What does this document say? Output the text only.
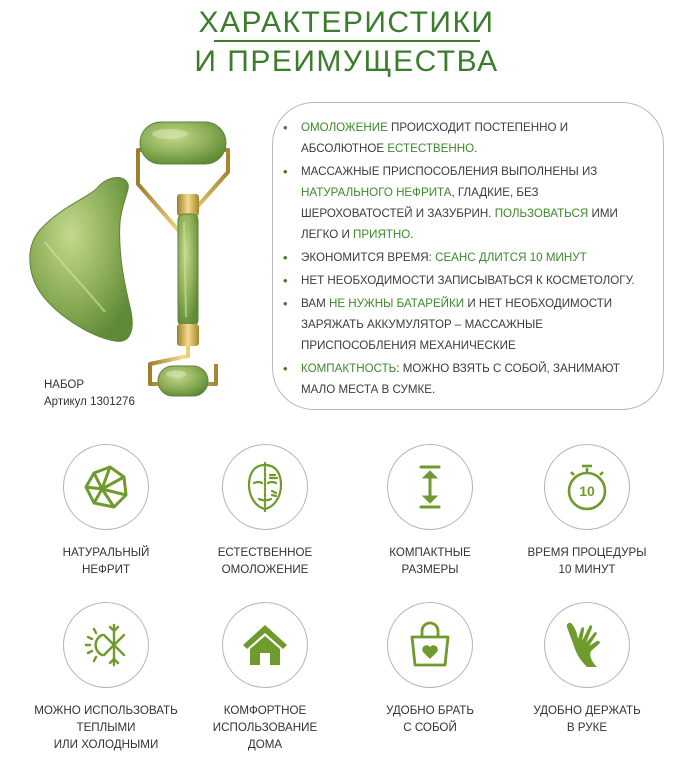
ХАРАКТЕРИСТИКИ
И ПРЕИМУЩЕСТВА
НАБОР
Артикул 1301276
• ОМОЛОЖЕНИЕ ПРОИСХОДИТ ПОСТЕПЕННО И АБСОЛЮТНОЕ ЕСТЕСТВЕННО.
• МАССАЖНЫЕ ПРИСПОСОБЛЕНИЯ ВЫПОЛНЕНЫ ИЗ НАТУРАЛЬНОГО НЕФРИТА, ГЛАДКИЕ, БЕЗ ШЕРОХОВАТОСТЕЙ И ЗАЗУБРИН. ПОЛЬЗОВАТЬСЯ ИМИ ЛЕГКО И ПРИЯТНО.
• ЭКОНОМИТСЯ ВРЕМЯ: СЕАНС ДЛИТСЯ 10 МИНУТ
• НЕТ НЕОБХОДИМОСТИ ЗАПИСЫВАТЬСЯ К КОСМЕТОЛОГУ.
• ВАМ НЕ НУЖНЫ БАТАРЕЙКИ И НЕТ НЕОБХОДИМОСТИ ЗАРЯЖАТЬ АККУМУЛЯТОР – МАССАЖНЫЕ ПРИСПОСОБЛЕНИЯ МЕХАНИЧЕСКИЕ
• КОМПАКТНОСТЬ: МОЖНО ВЗЯТЬ С СОБОЙ, ЗАНИМАЮТ МАЛО МЕСТА В СУМКЕ.
НАТУРАЛЬНЫЙ
НЕФРИТ
ЕСТЕСТВЕННОЕ
ОМОЛОЖЕНИЕ
КОМПАКТНЫЕ
РАЗМЕРЫ
10
ВРЕМЯ ПРОЦЕДУРЫ
10 МИНУТ
МОЖНО ИСПОЛЬЗОВАТЬ
ТЕПЛЫМИ
ИЛИ ХОЛОДНЫМИ
КОМФОРТНОЕ
ИСПОЛЬЗОВАНИЕ
ДОМА
УДОБНО БРАТЬ
С СОБОЙ
УДОБНО ДЕРЖАТЬ
В РУКЕ
